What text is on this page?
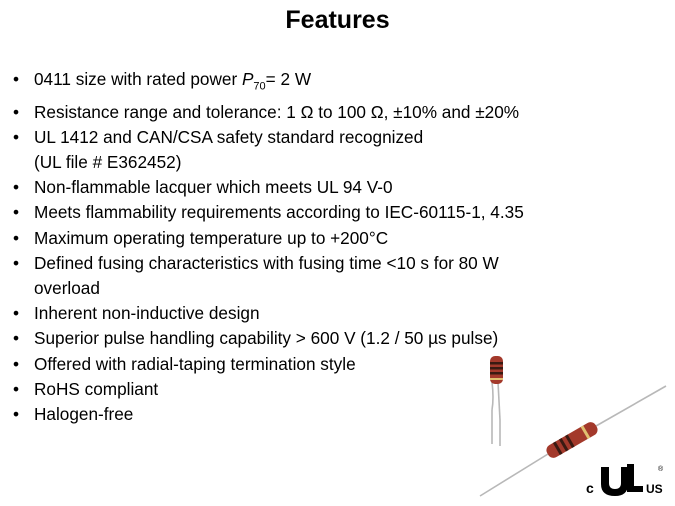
Features
• 0411 size with rated power $P_{70}= 2$ W
• Resistance range and tolerance: 1 Ω to 100 Ω, ±10% and ±20%
• UL 1412 and CAN/CSA safety standard recognized
(UL file # E362452)
• Non-flammable lacquer which meets UL 94 V-0
• Meets flammability requirements according to IEC-60115-1, 4.35
• Maximum operating temperature up to +200°C
• Defined fusing characteristics with fusing time <10 s for 80 W
overload
• Inherent non-inductive design
• Superior pulse handling capability > 600 V (1.2 / 50 µs pulse)
• Offered with radial-taping termination style
• RoHS compliant
• Halogen-free
c	US
®
